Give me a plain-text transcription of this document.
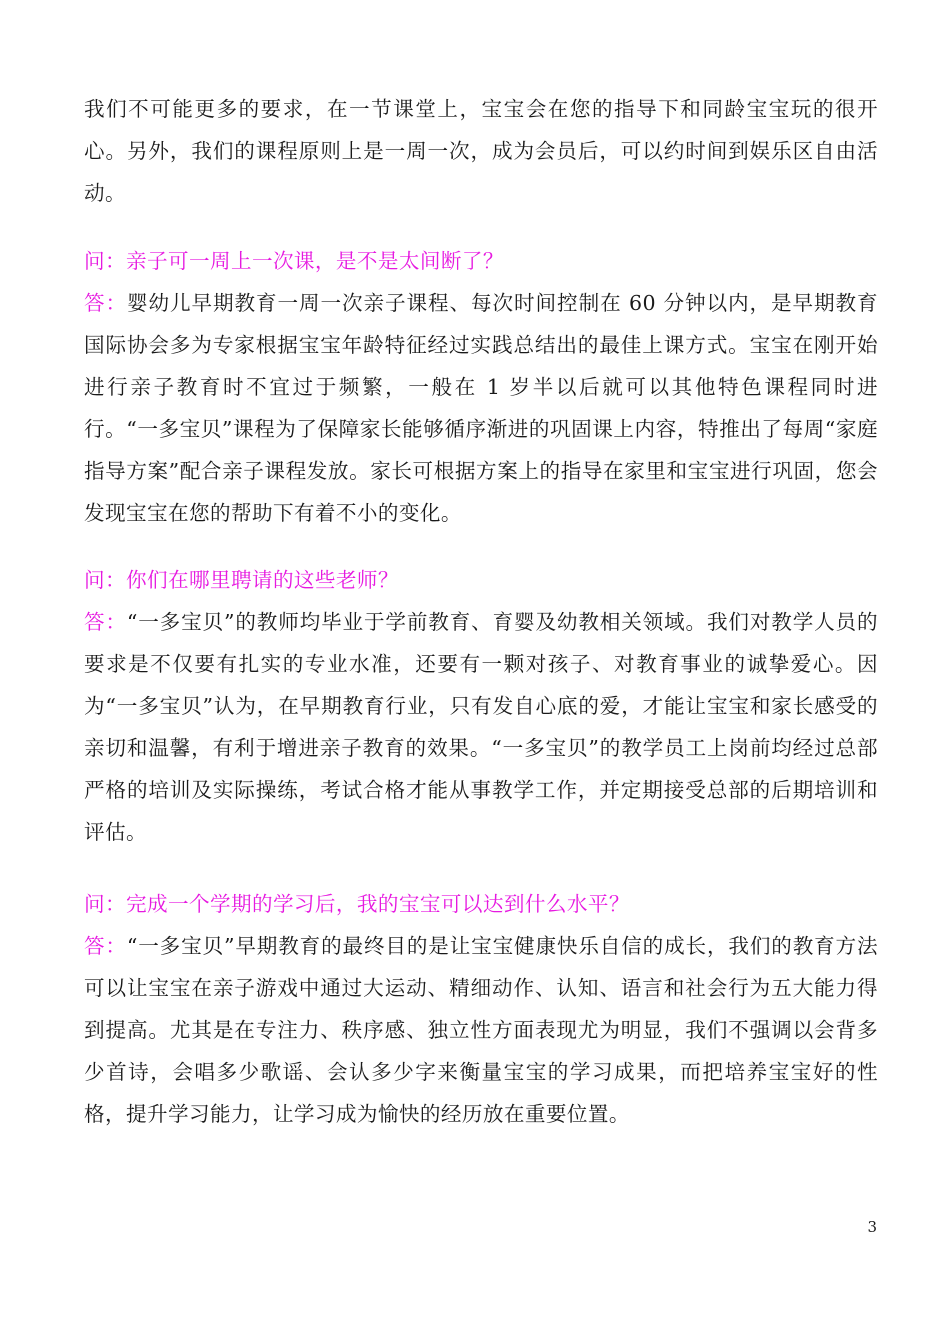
我们不可能更多的要求，在一节课堂上，宝宝会在您的指导下和同龄宝宝玩的很开心。另外，我们的课程原则上是一周一次，成为会员后，可以约时间到娱乐区自由活动。

问：亲子可一周上一次课，是不是太间断了？

答：婴幼儿早期教育一周一次亲子课程、每次时间控制在 60 分钟以内，是早期教育国际协会多为专家根据宝宝年龄特征经过实践总结出的最佳上课方式。宝宝在刚开始进行亲子教育时不宜过于频繁，一般在 1 岁半以后就可以其他特色课程同时进行。“一多宝贝”课程为了保障家长能够循序渐进的巩固课上内容，特推出了每周“家庭指导方案”配合亲子课程发放。家长可根据方案上的指导在家里和宝宝进行巩固，您会发现宝宝在您的帮助下有着不小的变化。

问：你们在哪里聘请的这些老师？

答：“一多宝贝”的教师均毕业于学前教育、育婴及幼教相关领域。我们对教学人员的要求是不仅要有扎实的专业水准，还要有一颗对孩子、对教育事业的诚挚爱心。因为“一多宝贝”认为，在早期教育行业，只有发自心底的爱，才能让宝宝和家长感受的亲切和温馨，有利于增进亲子教育的效果。“一多宝贝”的教学员工上岗前均经过总部严格的培训及实际操练，考试合格才能从事教学工作，并定期接受总部的后期培训和评估。

问：完成一个学期的学习后，我的宝宝可以达到什么水平？

答：“一多宝贝”早期教育的最终目的是让宝宝健康快乐自信的成长，我们的教育方法可以让宝宝在亲子游戏中通过大运动、精细动作、认知、语言和社会行为五大能力得到提高。尤其是在专注力、秩序感、独立性方面表现尤为明显，我们不强调以会背多少首诗，会唱多少歌谣、会认多少字来衡量宝宝的学习成果，而把培养宝宝好的性格，提升学习能力，让学习成为愉快的经历放在重要位置。

3
